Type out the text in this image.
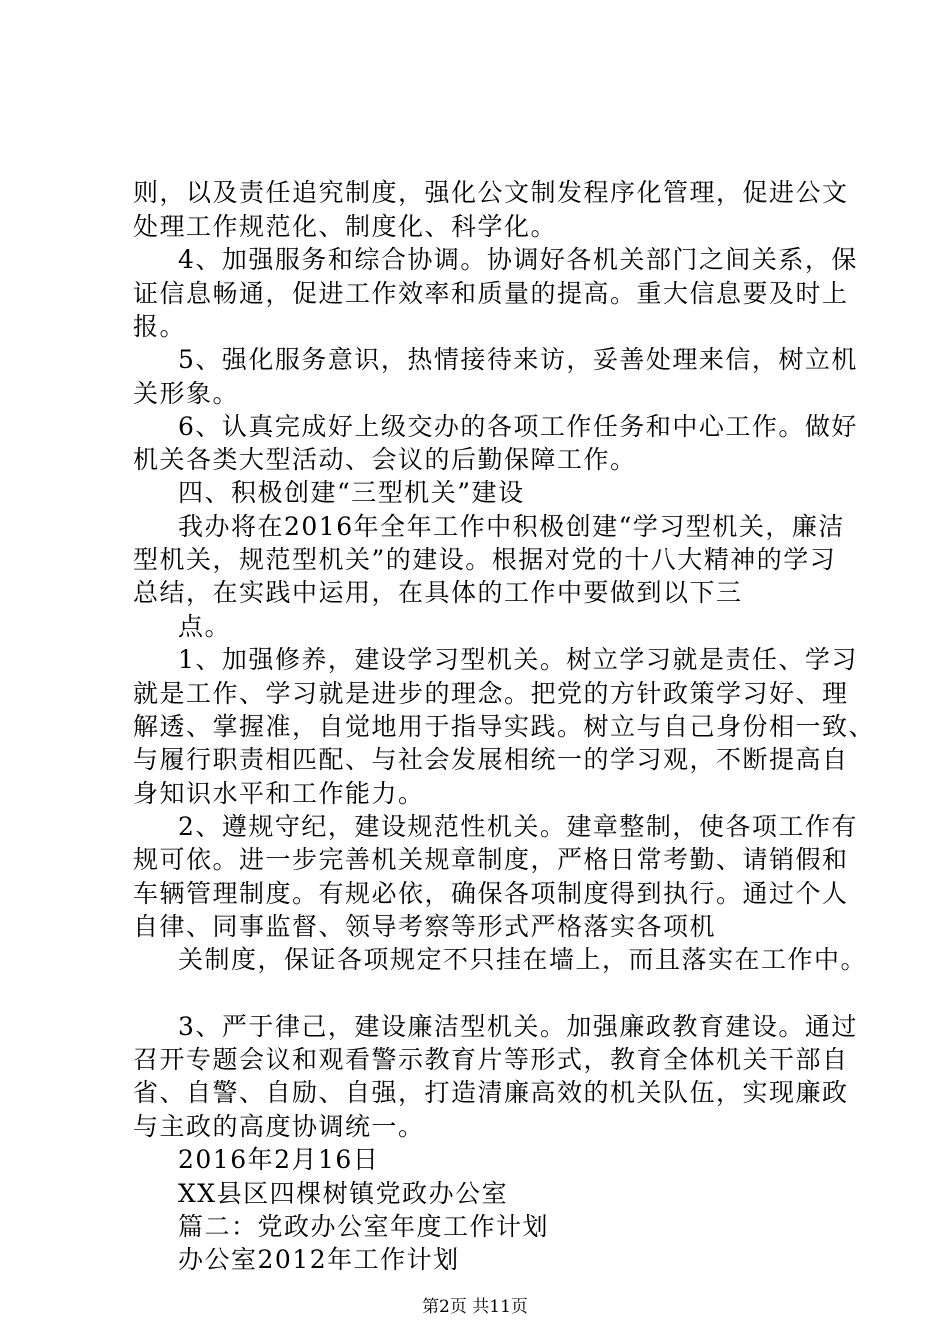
则，以及责任追究制度，强化公文制发程序化管理，促进公文
处理工作规范化、制度化、科学化。
4、加强服务和综合协调。协调好各机关部门之间关系，保
证信息畅通，促进工作效率和质量的提高。重大信息要及时上
报。
5、强化服务意识，热情接待来访，妥善处理来信，树立机
关形象。
6、认真完成好上级交办的各项工作任务和中心工作。做好
机关各类大型活动、会议的后勤保障工作。
四、积极创建“三型机关”建设
我办将在2016年全年工作中积极创建“学习型机关，廉洁
型机关，规范型机关”的建设。根据对党的十八大精神的学习
总结，在实践中运用，在具体的工作中要做到以下三
点。
1、加强修养，建设学习型机关。树立学习就是责任、学习
就是工作、学习就是进步的理念。把党的方针政策学习好、理
解透、掌握准，自觉地用于指导实践。树立与自己身份相一致、
与履行职责相匹配、与社会发展相统一的学习观，不断提高自
身知识水平和工作能力。
2、遵规守纪，建设规范性机关。建章整制，使各项工作有
规可依。进一步完善机关规章制度，严格日常考勤、请销假和
车辆管理制度。有规必依，确保各项制度得到执行。通过个人
自律、同事监督、领导考察等形式严格落实各项机
关制度，保证各项规定不只挂在墙上，而且落实在工作中。
3、严于律己，建设廉洁型机关。加强廉政教育建设。通过
召开专题会议和观看警示教育片等形式，教育全体机关干部自
省、自警、自励、自强，打造清廉高效的机关队伍，实现廉政
与主政的高度协调统一。
2016年2月16日
XX县区四棵树镇党政办公室
篇二：党政办公室年度工作计划
办公室2012年工作计划
第2页 共11页
